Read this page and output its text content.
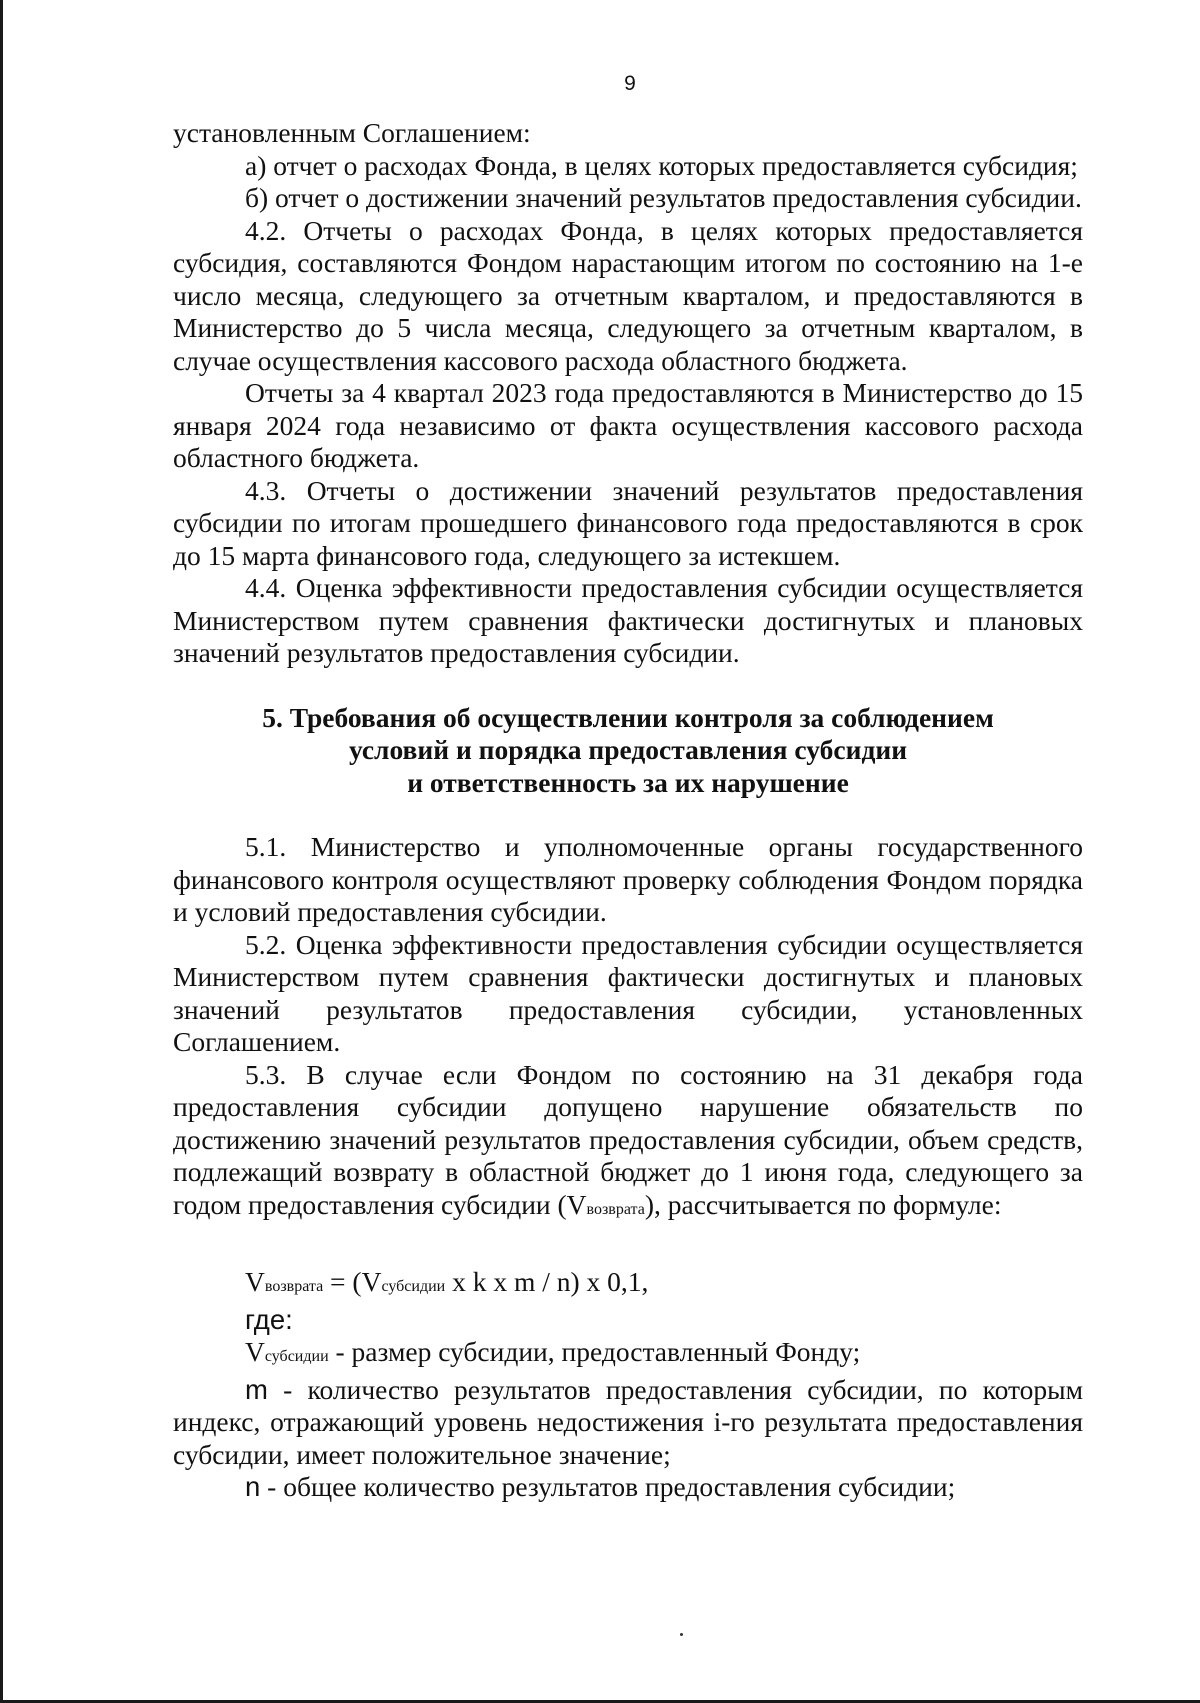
9

установленным Соглашением:

а) отчет о расходах Фонда, в целях которых предоставляется субсидия;

б) отчет о достижении значений результатов предоставления субсидии.

4.2. Отчеты о расходах Фонда, в целях которых предоставляется субсидия, составляются Фондом нарастающим итогом по состоянию на 1-е число месяца, следующего за отчетным кварталом, и предоставляются в Министерство до 5 числа месяца, следующего за отчетным кварталом, в случае осуществления кассового расхода областного бюджета.

Отчеты за 4 квартал 2023 года предоставляются в Министерство до 15 января 2024 года независимо от факта осуществления кассового расхода областного бюджета.

4.3. Отчеты о достижении значений результатов предоставления субсидии по итогам прошедшего финансового года предоставляются в срок до 15 марта финансового года, следующего за истекшем.

4.4. Оценка эффективности предоставления субсидии осуществляется Министерством путем сравнения фактически достигнутых и плановых значений результатов предоставления субсидии.

5. Требования об осуществлении контроля за соблюдением
условий и порядка предоставления субсидии
и ответственность за их нарушение

5.1. Министерство и уполномоченные органы государственного финансового контроля осуществляют проверку соблюдения Фондом порядка и условий предоставления субсидии.

5.2. Оценка эффективности предоставления субсидии осуществляется Министерством путем сравнения фактически достигнутых и плановых значений результатов предоставления субсидии, установленных Соглашением.

5.3. В случае если Фондом по состоянию на 31 декабря года предоставления субсидии допущено нарушение обязательств по достижению значений результатов предоставления субсидии, объем средств, подлежащий возврату в областной бюджет до 1 июня года, следующего за годом предоставления субсидии (Vвозврата), рассчитывается по формуле:

Vвозврата = (Vсубсидии x k x m / n) x 0,1,
где:

Vсубсидии - размер субсидии, предоставленный Фонду;

m - количество результатов предоставления субсидии, по которым индекс, отражающий уровень недостижения i-го результата предоставления субсидии, имеет положительное значение;

n - общее количество результатов предоставления субсидии;
